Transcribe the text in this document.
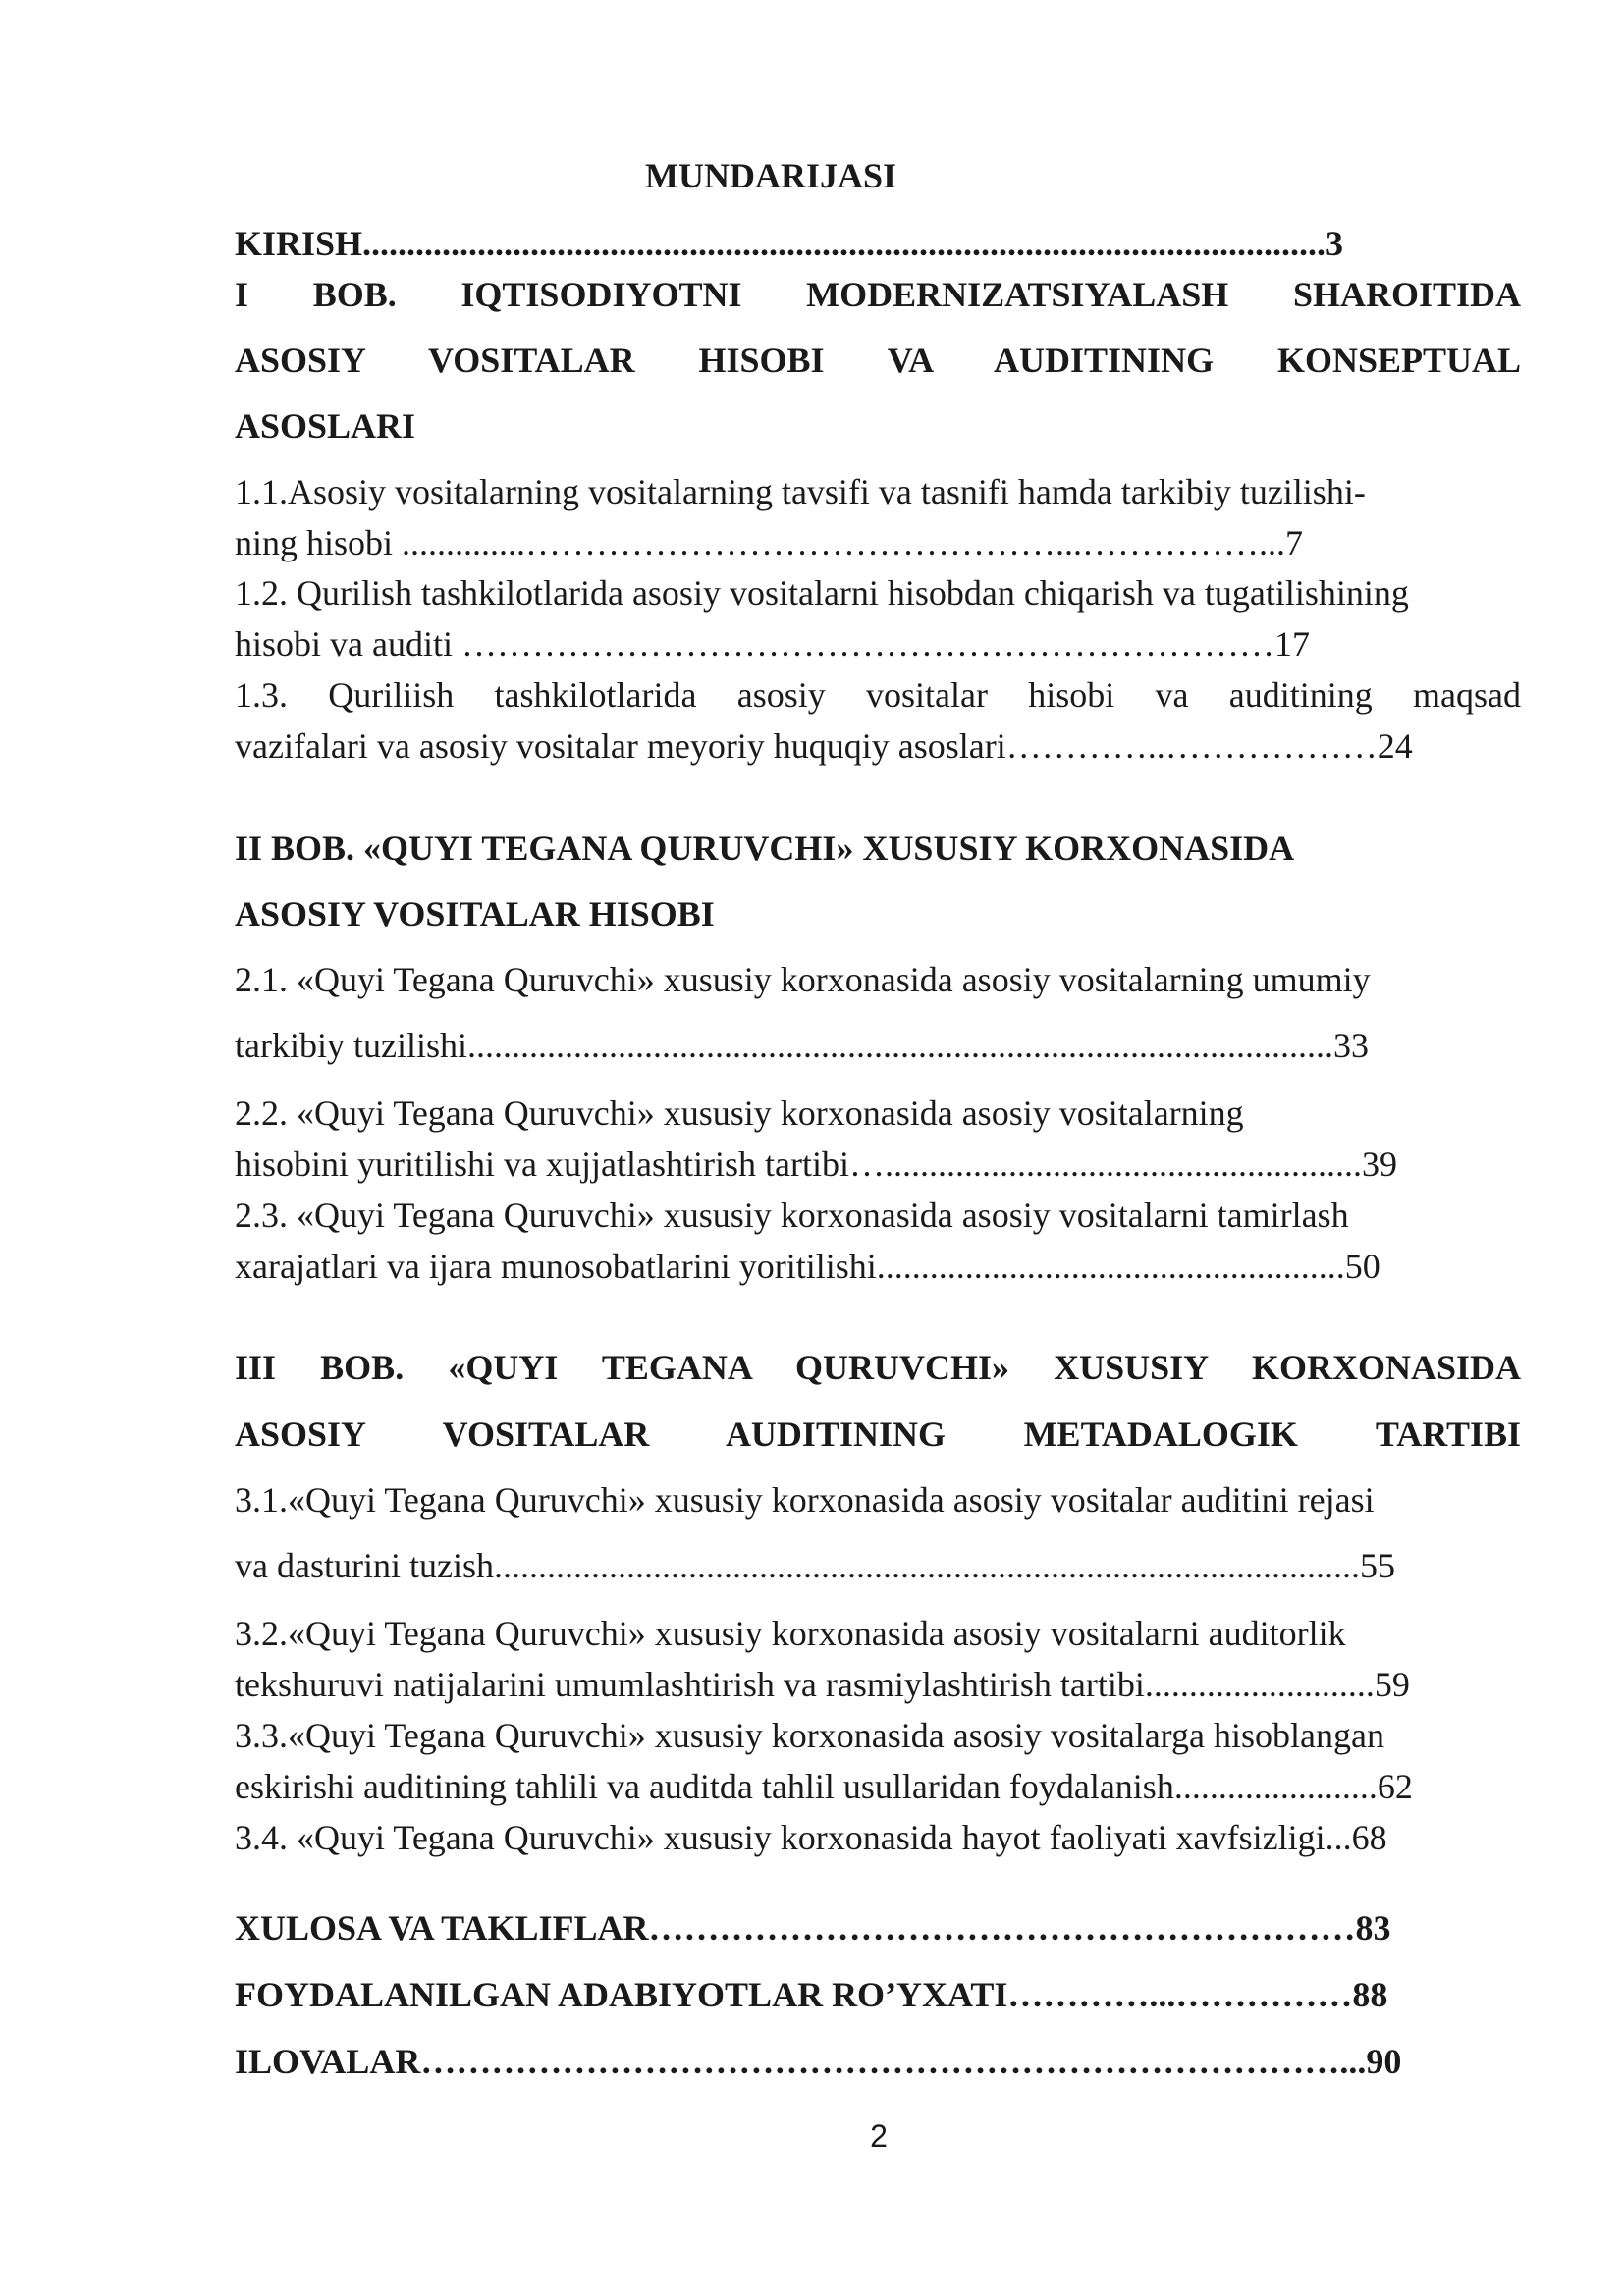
MUNDARIJASI
KIRISH.............................................................................................................3
I BOB. IQTISODIYOTNI MODERNIZATSIYALASH SHAROITIDA
ASOSIY VOSITALAR HISOBI VA AUDITINING KONSEPTUAL
ASOSLARI
1.1.Asosiy vositalarning vositalarning tavsifi va tasnifi hamda tarkibiy tuzilishi-
ning hisobi ..............………………………………………...……………...7
1.2. Qurilish tashkilotlarida asosiy vositalarni hisobdan chiqarish va tugatilishining
hisobi va auditi ……………………………………………………………17
1.3. Quriliish tashkilotlarida asosiy vositalar hisobi va auditining maqsad
vazifalari va asosiy vositalar meyoriy huquqiy asoslari…………..………………24
II BOB. «QUYI TEGANA QURUVCHI» XUSUSIY KORXONASIDA
ASOSIY VOSITALAR HISOBI
2.1. «Quyi Tegana Quruvchi» xususiy korxonasida asosiy vositalarning umumiy
tarkibiy tuzilishi..................................................................................................33
2.2. «Quyi Tegana Quruvchi» xususiy korxonasida asosiy vositalarning
hisobini yuritilishi va xujjatlashtirish tartibi…......................................................39
2.3. «Quyi Tegana Quruvchi» xususiy korxonasida asosiy vositalarni tamirlash
xarajatlari va ijara munosobatlarini yoritilishi.....................................................50
III BOB. «QUYI TEGANA QURUVCHI» XUSUSIY KORXONASIDA
ASOSIY VOSITALAR AUDITINING METADALOGIK TARTIBI
3.1.«Quyi Tegana Quruvchi» xususiy korxonasida asosiy vositalar auditini rejasi
va dasturini tuzish..................................................................................................55
3.2.«Quyi Tegana Quruvchi» xususiy korxonasida asosiy vositalarni auditorlik
tekshuruvi natijalarini umumlashtirish va rasmiylashtirish tartibi..........................59
3.3.«Quyi Tegana Quruvchi» xususiy korxonasida asosiy vositalarga hisoblangan
eskirishi auditining tahlili va auditda tahlil usullaridan foydalanish.......................62
3.4. «Quyi Tegana Quruvchi» xususiy korxonasida hayot faoliyati xavfsizligi...68
XULOSA VA TAKLIFLAR……………………………………………………83
FOYDALANILGAN ADABIYOTLAR RO’YXATI…………...……………88
ILOVALAR……………………………………………………………………...90
2
